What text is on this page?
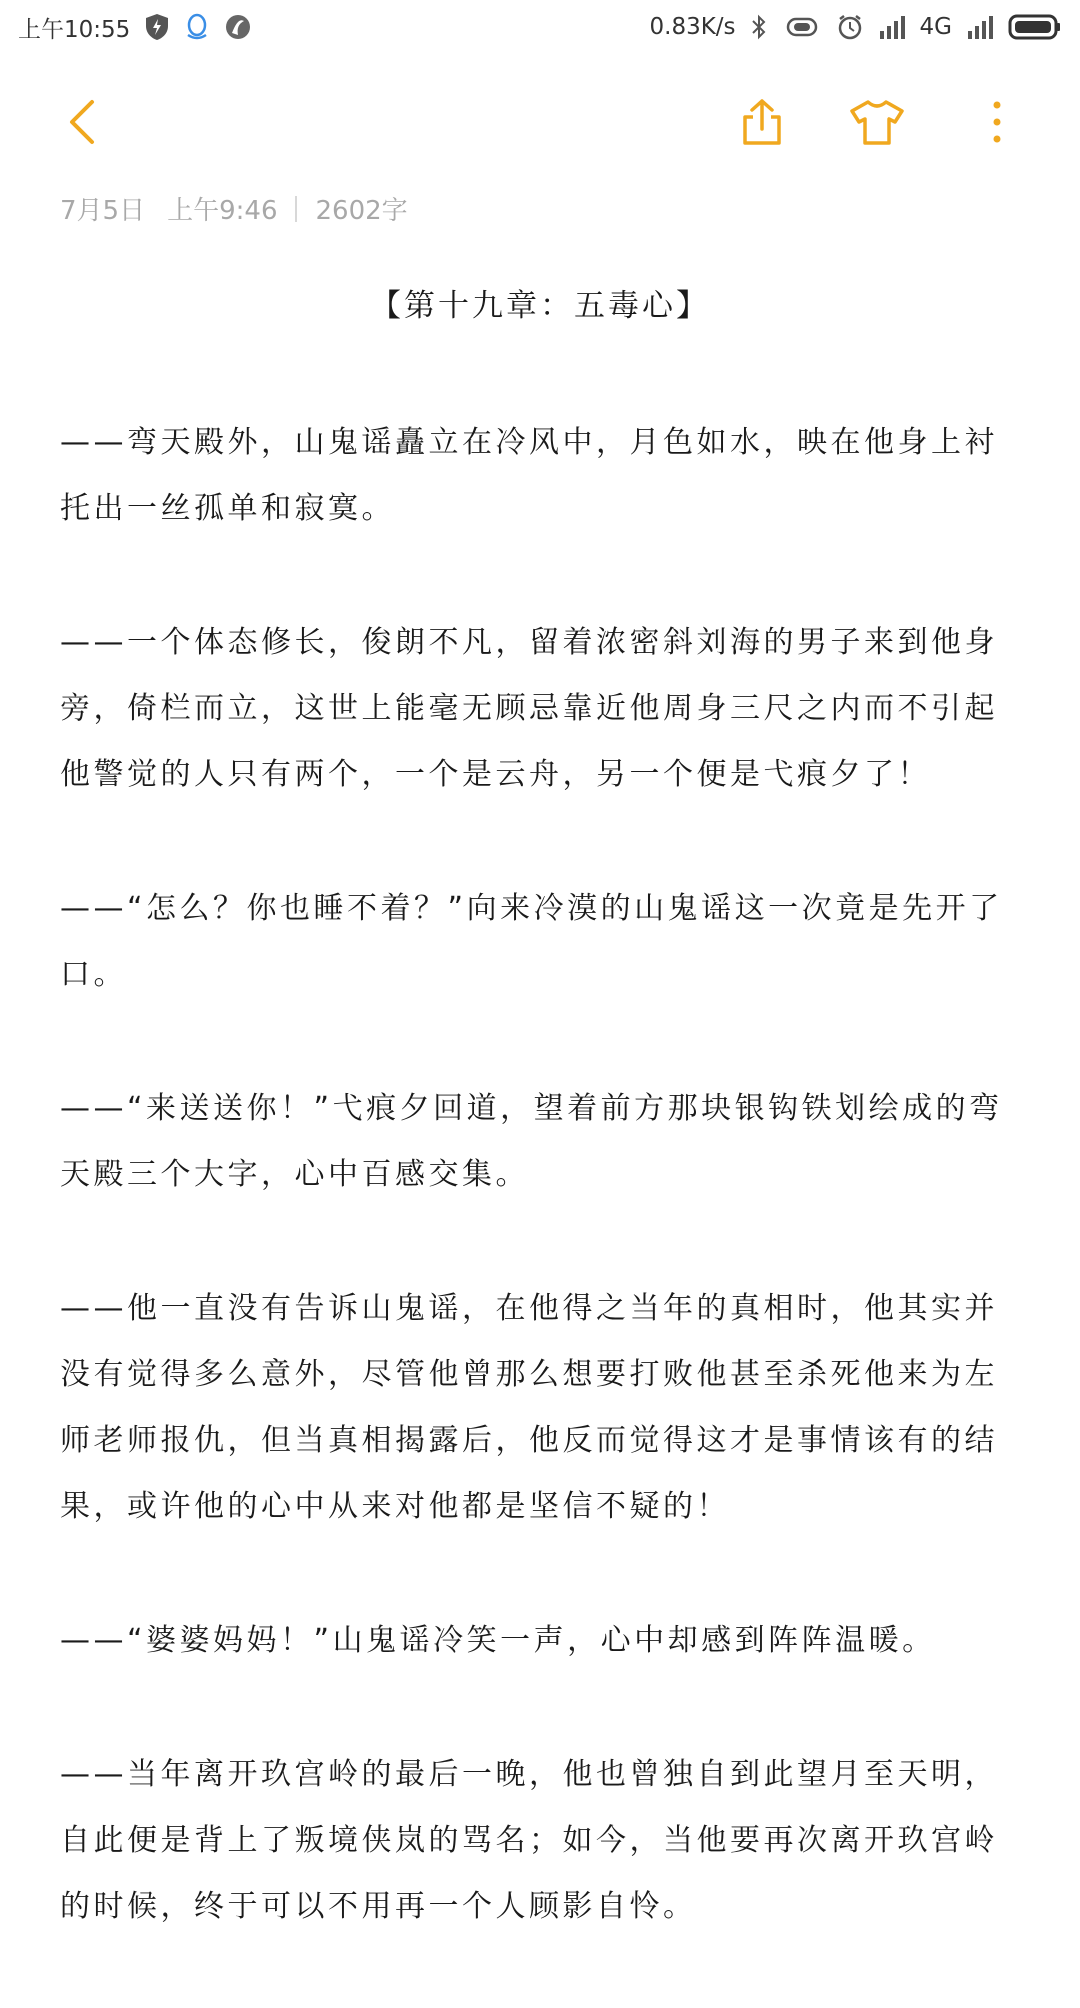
上午10:55	0.83K/s	4G
7月5日 上午9:46 2602字
【第十九章：五毒心】

——弯天殿外，山鬼谣矗立在冷风中，月色如水，映在他身上衬托出一丝孤单和寂寞。

——一个体态修长，俊朗不凡，留着浓密斜刘海的男子来到他身旁，倚栏而立，这世上能毫无顾忌靠近他周身三尺之内而不引起他警觉的人只有两个，一个是云舟，另一个便是弋痕夕了！

——“怎么？你也睡不着？”向来冷漠的山鬼谣这一次竟是先开了口。

——“来送送你！”弋痕夕回道，望着前方那块银钩铁划绘成的弯天殿三个大字，心中百感交集。

——他一直没有告诉山鬼谣，在他得之当年的真相时，他其实并没有觉得多么意外，尽管他曾那么想要打败他甚至杀死他来为左师老师报仇，但当真相揭露后，他反而觉得这才是事情该有的结果，或许他的心中从来对他都是坚信不疑的！

——“婆婆妈妈！”山鬼谣冷笑一声，心中却感到阵阵温暖。

——当年离开玖宫岭的最后一晚，他也曾独自到此望月至天明，自此便是背上了叛境侠岚的骂名；如今，当他要再次离开玖宫岭的时候，终于可以不用再一个人顾影自怜。
